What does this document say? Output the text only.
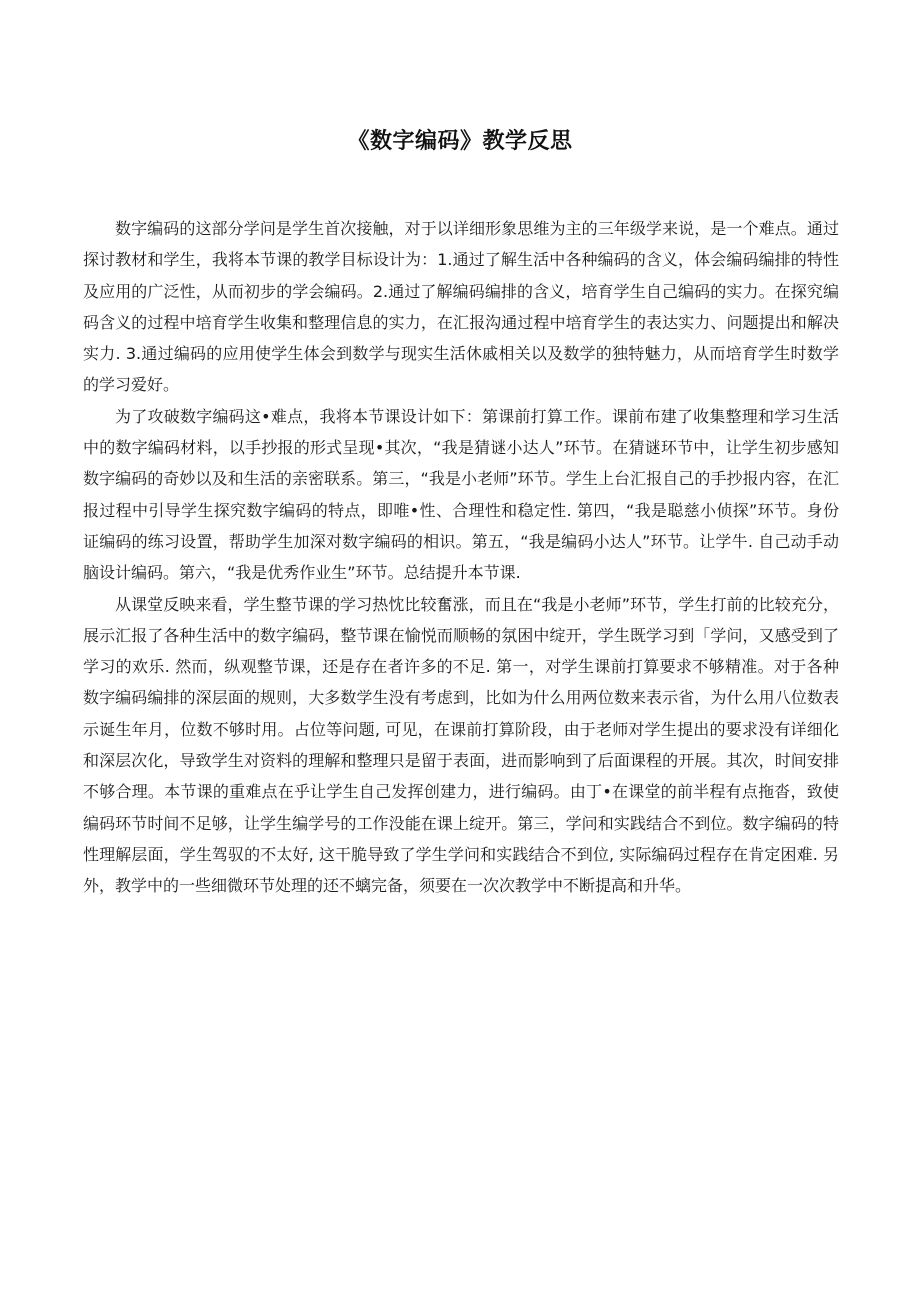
《数字编码》教学反思

数字编码的这部分学问是学生首次接触，对于以详细形象思维为主的三年级学来说，是一个难点。通过探讨教材和学生，我将本节课的教学目标设计为：1.通过了解生活中各种编码的含义，体会编码编排的特性及应用的广泛性，从而初步的学会编码。2.通过了解编码编排的含义，培育学生自己编码的实力。在探究编码含义的过程中培育学生收集和整理信息的实力，在汇报沟通过程中培育学生的表达实力、问题提出和解决实力. 3.通过编码的应用使学生体会到数学与现实生活休戚相关以及数学的独特魅力，从而培育学生时数学的学习爱好。

为了攻破数字编码这•难点，我将本节课设计如下：第课前打算工作。课前布建了收集整理和学习生活中的数字编码材料，以手抄报的形式呈现•其次，“我是猜谜小达人”环节。在猜谜环节中，让学生初步感知数字编码的奇妙以及和生活的亲密联系。第三，“我是小老师”环节。学生上台汇报自己的手抄报内容，在汇报过程中引导学生探究数字编码的特点，即唯•性、合理性和稳定性. 第四，“我是聪慈小侦探”环节。身份证编码的练习设置，帮助学生加深对数字编码的相识。第五，“我是编码小达人”环节。让学牛. 自己动手动脑设计编码。第六，“我是优秀作业生”环节。总结提升本节课.

从课堂反映来看，学生整节课的学习热忱比较奮涨，而且在“我是小老师”环节，学生打前的比较充分，展示汇报了各种生活中的数字编码，整节课在愉悦而顺畅的氛困中绽开，学生既学习到「学问，又感受到了学习的欢乐. 然而，纵观整节课，还是存在者许多的不足. 第一，对学生课前打算要求不够精准。对于各种数字编码编排的深层面的规则，大多数学生没有考虑到，比如为什么用两位数来表示省，为什么用八位数表示诞生年月，位数不够时用。占位等问题, 可见，在课前打算阶段，由于老师对学生提出的要求没有详细化和深层次化，导致学生对资料的理解和整理只是留于表面，进而影响到了后面课程的开展。其次，时间安排不够合理。本节课的重难点在乎让学生自己发挥创建力，进行编码。由丁•在课堂的前半程有点拖沓，致使编码环节时间不足够，让学生编学号的工作没能在课上绽开。第三，学问和实践结合不到位。数字编码的特性理解层面，学生驾驭的不太好, 这干脆导致了学生学问和实践结合不到位, 实际编码过程存在肯定困难. 另外，教学中的一些细微环节处理的还不螭完备，须要在一次次教学中不断提高和升华。
